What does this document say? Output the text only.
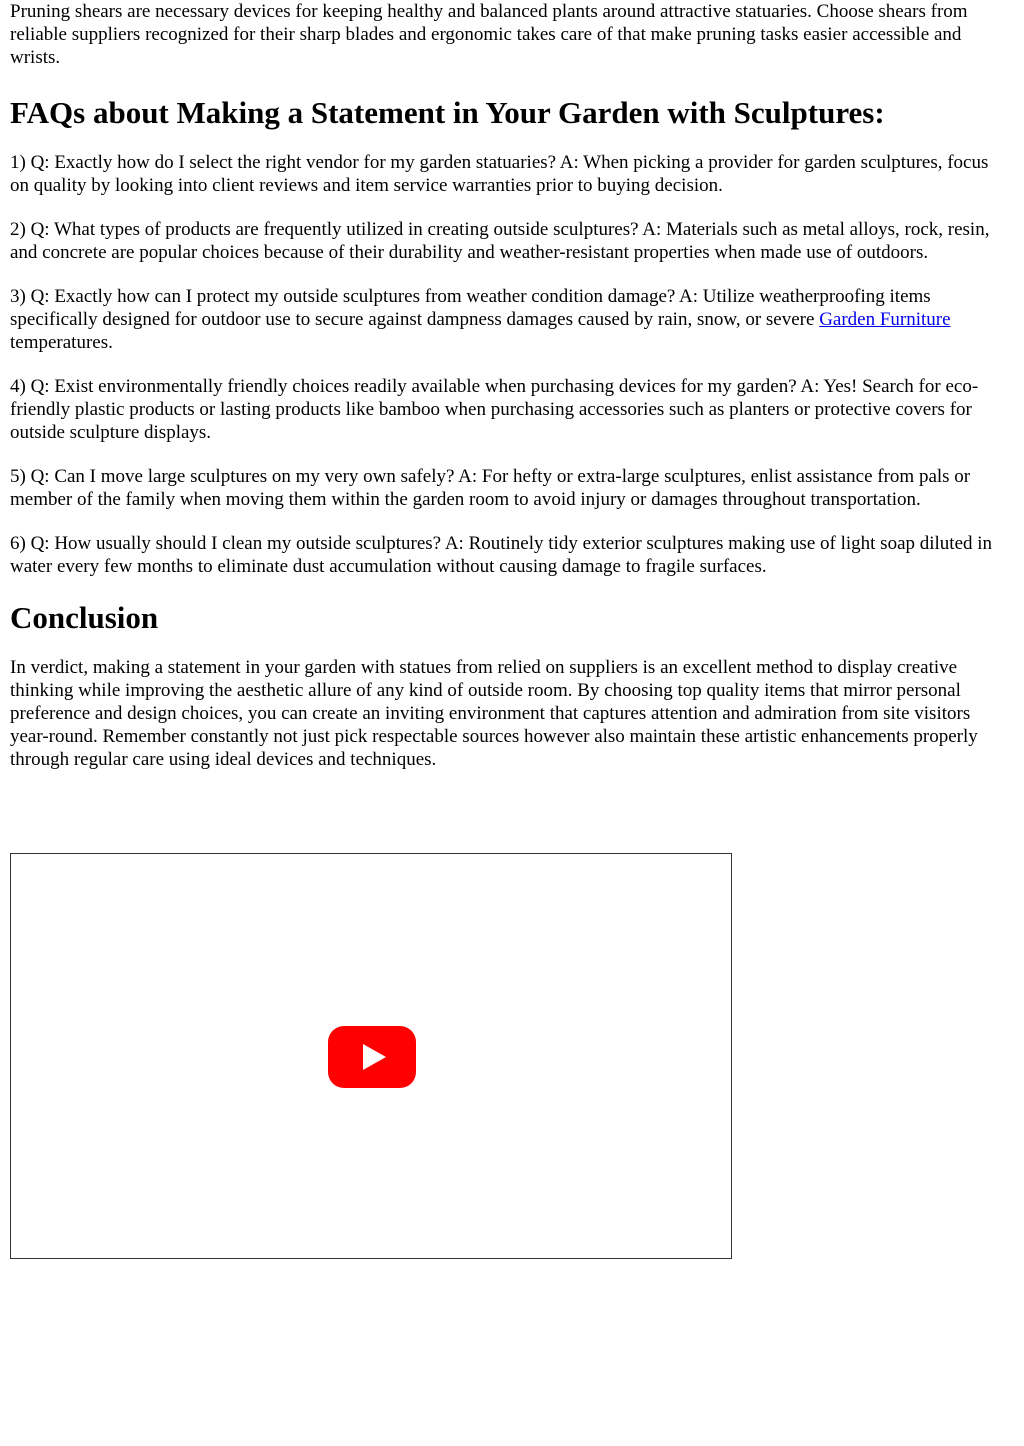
Pruning shears are necessary devices for keeping healthy and balanced plants around attractive statuaries. Choose shears from reliable suppliers recognized for their sharp blades and ergonomic takes care of that make pruning tasks easier accessible and wrists.

FAQs about Making a Statement in Your Garden with Sculptures:

1) Q: Exactly how do I select the right vendor for my garden statuaries? A: When picking a provider for garden sculptures, focus on quality by looking into client reviews and item service warranties prior to buying decision.

2) Q: What types of products are frequently utilized in creating outside sculptures? A: Materials such as metal alloys, rock, resin, and concrete are popular choices because of their durability and weather-resistant properties when made use of outdoors.

3) Q: Exactly how can I protect my outside sculptures from weather condition damage? A: Utilize weatherproofing items specifically designed for outdoor use to secure against dampness damages caused by rain, snow, or severe Garden Furniture temperatures.

4) Q: Exist environmentally friendly choices readily available when purchasing devices for my garden? A: Yes! Search for eco-friendly plastic products or lasting products like bamboo when purchasing accessories such as planters or protective covers for outside sculpture displays.

5) Q: Can I move large sculptures on my very own safely? A: For hefty or extra-large sculptures, enlist assistance from pals or member of the family when moving them within the garden room to avoid injury or damages throughout transportation.

6) Q: How usually should I clean my outside sculptures? A: Routinely tidy exterior sculptures making use of light soap diluted in water every few months to eliminate dust accumulation without causing damage to fragile surfaces.

Conclusion

In verdict, making a statement in your garden with statues from relied on suppliers is an excellent method to display creative thinking while improving the aesthetic allure of any kind of outside room. By choosing top quality items that mirror personal preference and design choices, you can create an inviting environment that captures attention and admiration from site visitors year-round. Remember constantly not just pick respectable sources however also maintain these artistic enhancements properly through regular care using ideal devices and techniques.
